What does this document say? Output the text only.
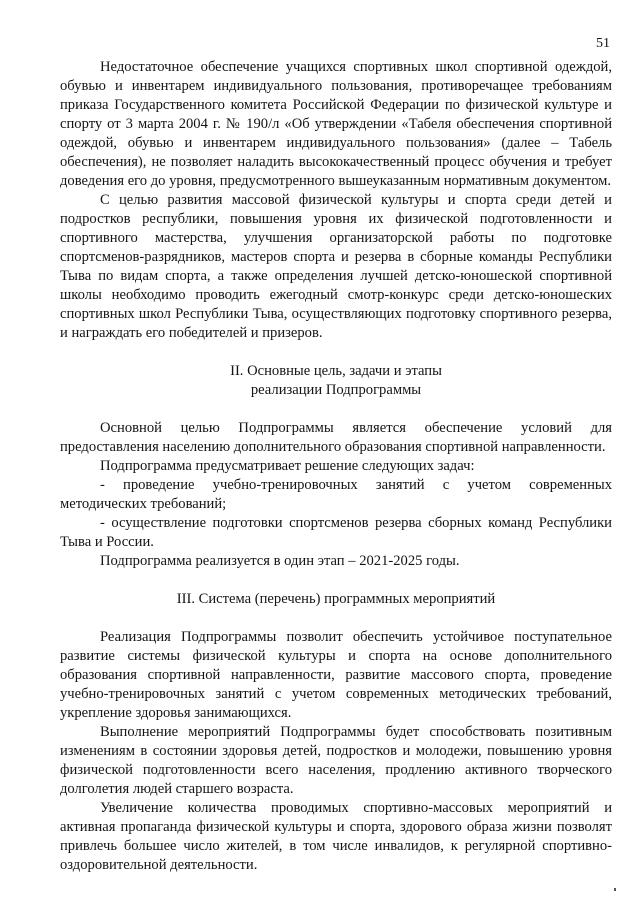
51

Недостаточное обеспечение учащихся спортивных школ спортивной одеждой, обувью и инвентарем индивидуального пользования, противоречащее требованиям приказа Государственного комитета Российской Федерации по физической культуре и спорту от 3 марта 2004 г. № 190/л «Об утверждении «Табеля обеспечения спортивной одеждой, обувью и инвентарем индивидуального пользования» (далее – Табель обеспечения), не позволяет наладить высококачественный процесс обучения и требует доведения его до уровня, предусмотренного вышеуказанным нормативным документом.

С целью развития массовой физической культуры и спорта среди детей и подростков республики, повышения уровня их физической подготовленности и спортивного мастерства, улучшения организаторской работы по подготовке спортсменов-разрядников, мастеров спорта и резерва в сборные команды Республики Тыва по видам спорта, а также определения лучшей детско-юношеской спортивной школы необходимо проводить ежегодный смотр-конкурс среди детско-юношеских спортивных школ Республики Тыва, осуществляющих подготовку спортивного резерва, и награждать его победителей и призеров.

II. Основные цель, задачи и этапы
реализации Подпрограммы

Основной целью Подпрограммы является обеспечение условий для предоставления населению дополнительного образования спортивной направленности.

Подпрограмма предусматривает решение следующих задач:

- проведение учебно-тренировочных занятий с учетом современных методических требований;

- осуществление подготовки спортсменов резерва сборных команд Республики Тыва и России.

Подпрограмма реализуется в один этап – 2021-2025 годы.

III. Система (перечень) программных мероприятий

Реализация Подпрограммы позволит обеспечить устойчивое поступательное развитие системы физической культуры и спорта на основе дополнительного образования спортивной направленности, развитие массового спорта, проведение учебно-тренировочных занятий с учетом современных методических требований, укрепление здоровья занимающихся.

Выполнение мероприятий Подпрограммы будет способствовать позитивным изменениям в состоянии здоровья детей, подростков и молодежи, повышению уровня физической подготовленности всего населения, продлению активного творческого долголетия людей старшего возраста.

Увеличение количества проводимых спортивно-массовых мероприятий и активная пропаганда физической культуры и спорта, здорового образа жизни позволят привлечь большее число жителей, в том числе инвалидов, к регулярной спортивно-оздоровительной деятельности.
